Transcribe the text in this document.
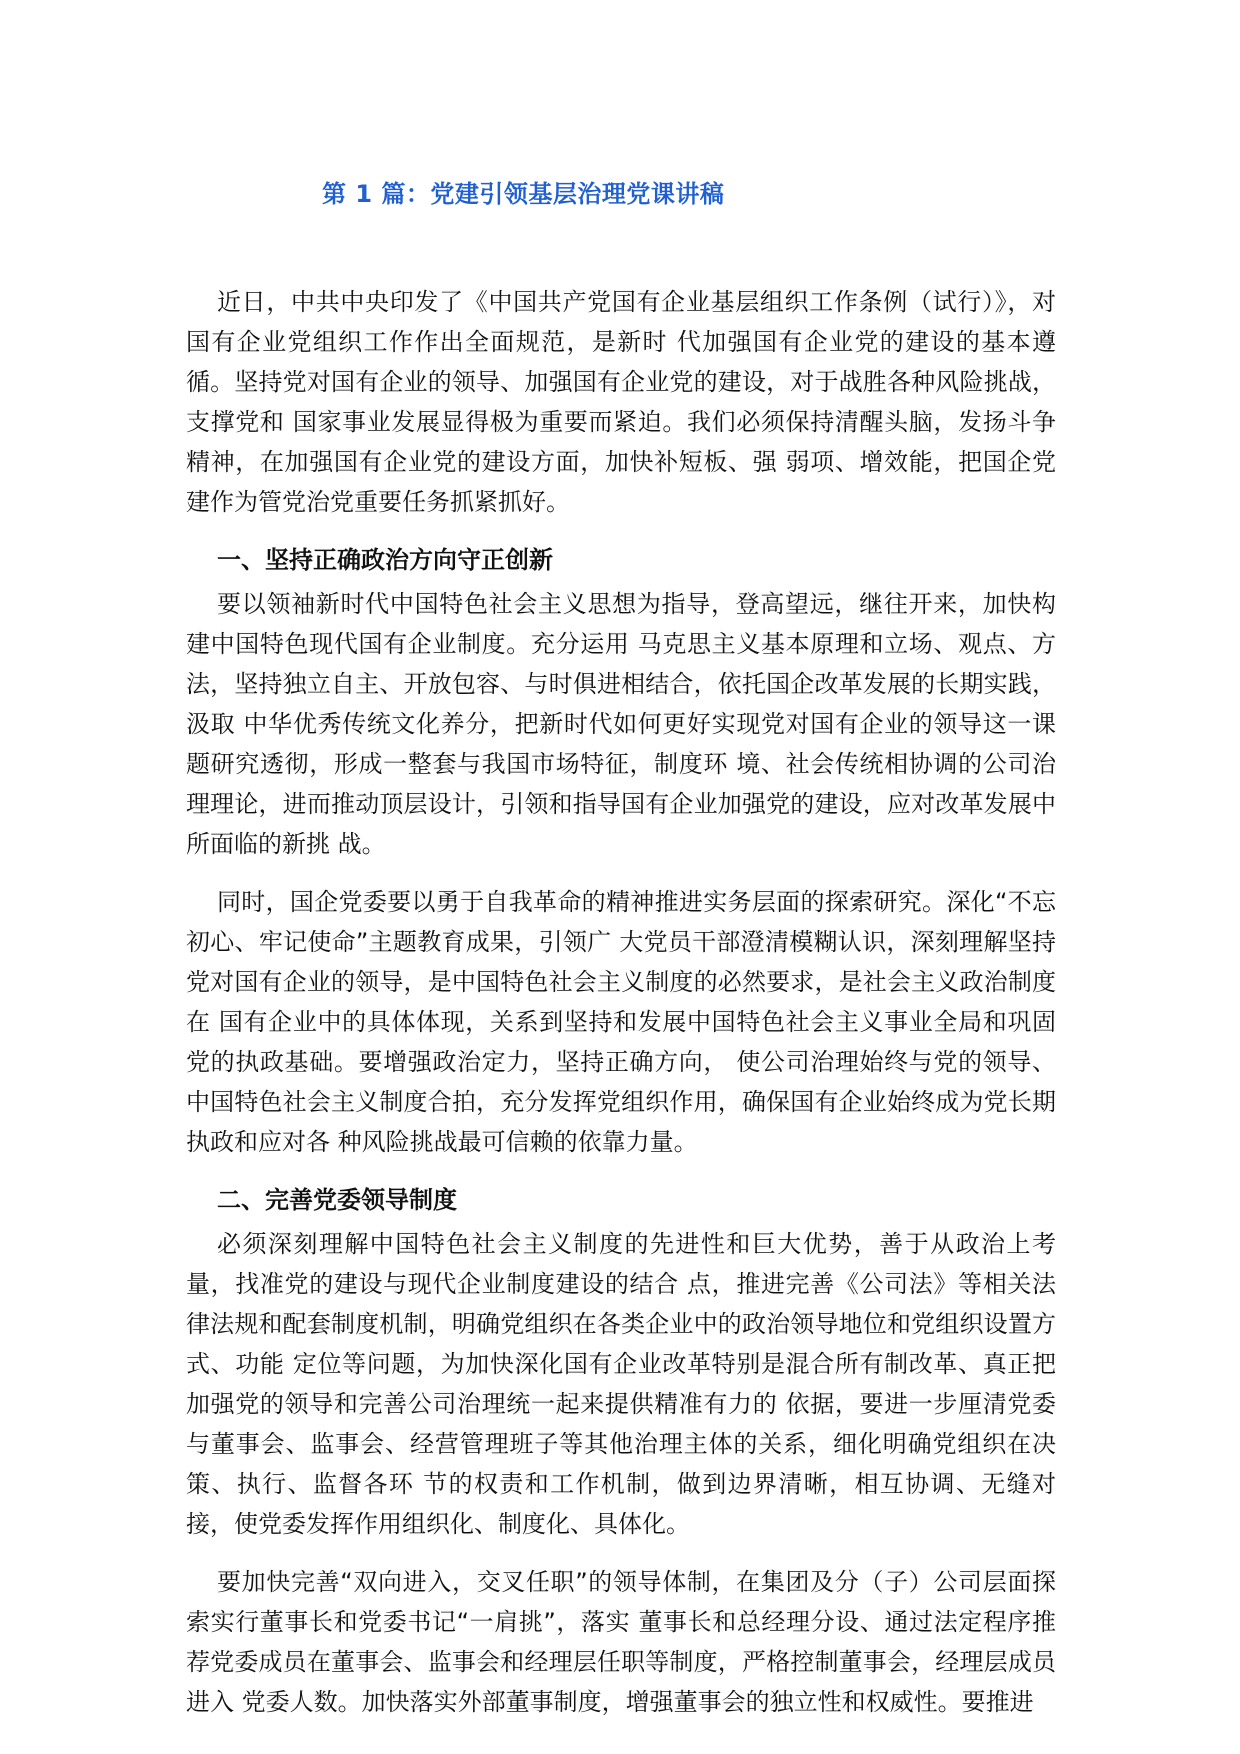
第 1 篇：党建引领基层治理党课讲稿

近日，中共中央印发了《中国共产党国有企业基层组织工作条例（试行）》，对国有企业党组织工作作出全面规范，是新时 代加强国有企业党的建设的基本遵循。坚持党对国有企业的领导、加强国有企业党的建设，对于战胜各种风险挑战，支撑党和 国家事业发展显得极为重要而紧迫。我们必须保持清醒头脑，发扬斗争精神，在加强国有企业党的建设方面，加快补短板、强 弱项、增效能，把国企党建作为管党治党重要任务抓紧抓好。

一、坚持正确政治方向守正创新

要以领袖新时代中国特色社会主义思想为指导，登高望远，继往开来，加快构建中国特色现代国有企业制度。充分运用 马克思主义基本原理和立场、观点、方法，坚持独立自主、开放包容、与时俱进相结合，依托国企改革发展的长期实践，汲取 中华优秀传统文化养分，把新时代如何更好实现党对国有企业的领导这一课题研究透彻，形成一整套与我国市场特征，制度环 境、社会传统相协调的公司治理理论，进而推动顶层设计，引领和指导国有企业加强党的建设，应对改革发展中所面临的新挑 战。

同时，国企党委要以勇于自我革命的精神推进实务层面的探索研究。深化“不忘初心、牢记使命”主题教育成果，引领广 大党员干部澄清模糊认识，深刻理解坚持党对国有企业的领导，是中国特色社会主义制度的必然要求，是社会主义政治制度在 国有企业中的具体体现，关系到坚持和发展中国特色社会主义事业全局和巩固党的执政基础。要增强政治定力，坚持正确方向， 使公司治理始终与党的领导、中国特色社会主义制度合拍，充分发挥党组织作用，确保国有企业始终成为党长期执政和应对各 种风险挑战最可信赖的依靠力量。

二、完善党委领导制度

必须深刻理解中国特色社会主义制度的先进性和巨大优势，善于从政治上考量，找准党的建设与现代企业制度建设的结合 点，推进完善《公司法》等相关法律法规和配套制度机制，明确党组织在各类企业中的政治领导地位和党组织设置方式、功能 定位等问题，为加快深化国有企业改革特别是混合所有制改革、真正把加强党的领导和完善公司治理统一起来提供精准有力的 依据，要进一步厘清党委与董事会、监事会、经营管理班子等其他治理主体的关系，细化明确党组织在决策、执行、监督各环 节的权责和工作机制，做到边界清晰，相互协调、无缝对接，使党委发挥作用组织化、制度化、具体化。

要加快完善“双向进入，交叉任职”的领导体制，在集团及分（子）公司层面探索实行董事长和党委书记“一肩挑”，落实 董事长和总经理分设、通过法定程序推荐党委成员在董事会、监事会和经理层任职等制度，严格控制董事会，经理层成员进入 党委人数。加快落实外部董事制度，增强董事会的独立性和权威性。要推进
